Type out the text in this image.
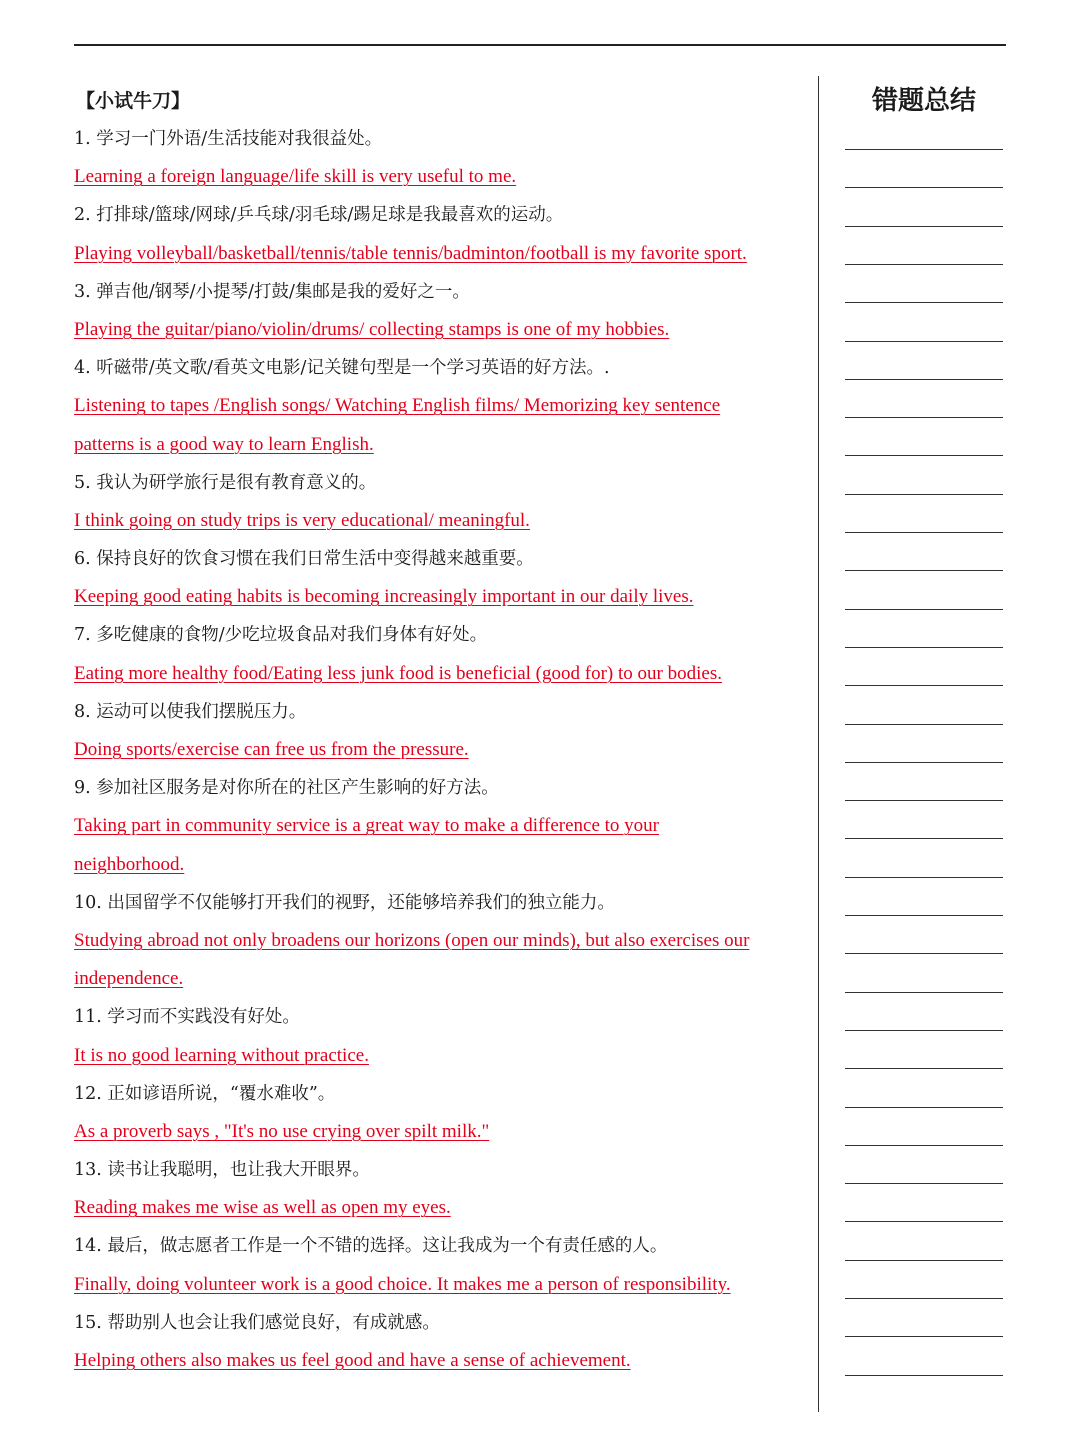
【小试牛刀】
1. 学习一门外语/生活技能对我很益处。
Learning a foreign language/life skill is very useful to me.
2. 打排球/篮球/网球/乒乓球/羽毛球/踢足球是我最喜欢的运动。
Playing volleyball/basketball/tennis/table tennis/badminton/football is my favorite sport.
3. 弹吉他/钢琴/小提琴/打鼓/集邮是我的爱好之一。
Playing the guitar/piano/violin/drums/ collecting stamps is one of my hobbies.
4. 听磁带/英文歌/看英文电影/记关键句型是一个学习英语的好方法。.
Listening to tapes /English songs/ Watching English films/ Memorizing key sentence
patterns is a good way to learn English.
5. 我认为研学旅行是很有教育意义的。
I think going on study trips is very educational/ meaningful.
6. 保持良好的饮食习惯在我们日常生活中变得越来越重要。
Keeping good eating habits is becoming increasingly important in our daily lives.
7. 多吃健康的食物/少吃垃圾食品对我们身体有好处。
Eating more healthy food/Eating less junk food is beneficial (good for) to our bodies.
8. 运动可以使我们摆脱压力。
Doing sports/exercise can free us from the pressure.
9. 参加社区服务是对你所在的社区产生影响的好方法。
Taking part in community service is a great way to make a difference to your
neighborhood.
10. 出国留学不仅能够打开我们的视野，还能够培养我们的独立能力。
Studying abroad not only broadens our horizons (open our minds), but also exercises our
independence.
11. 学习而不实践没有好处。
It is no good learning without practice.
12. 正如谚语所说，“覆水难收”。
As a proverb says , "It's no use crying over spilt milk."
13. 读书让我聪明，也让我大开眼界。
Reading makes me wise as well as open my eyes.
14. 最后，做志愿者工作是一个不错的选择。这让我成为一个有责任感的人。
Finally, doing volunteer work is a good choice. It makes me a person of responsibility.
15. 帮助别人也会让我们感觉良好，有成就感。
Helping others also makes us feel good and have a sense of achievement.
错题总结
